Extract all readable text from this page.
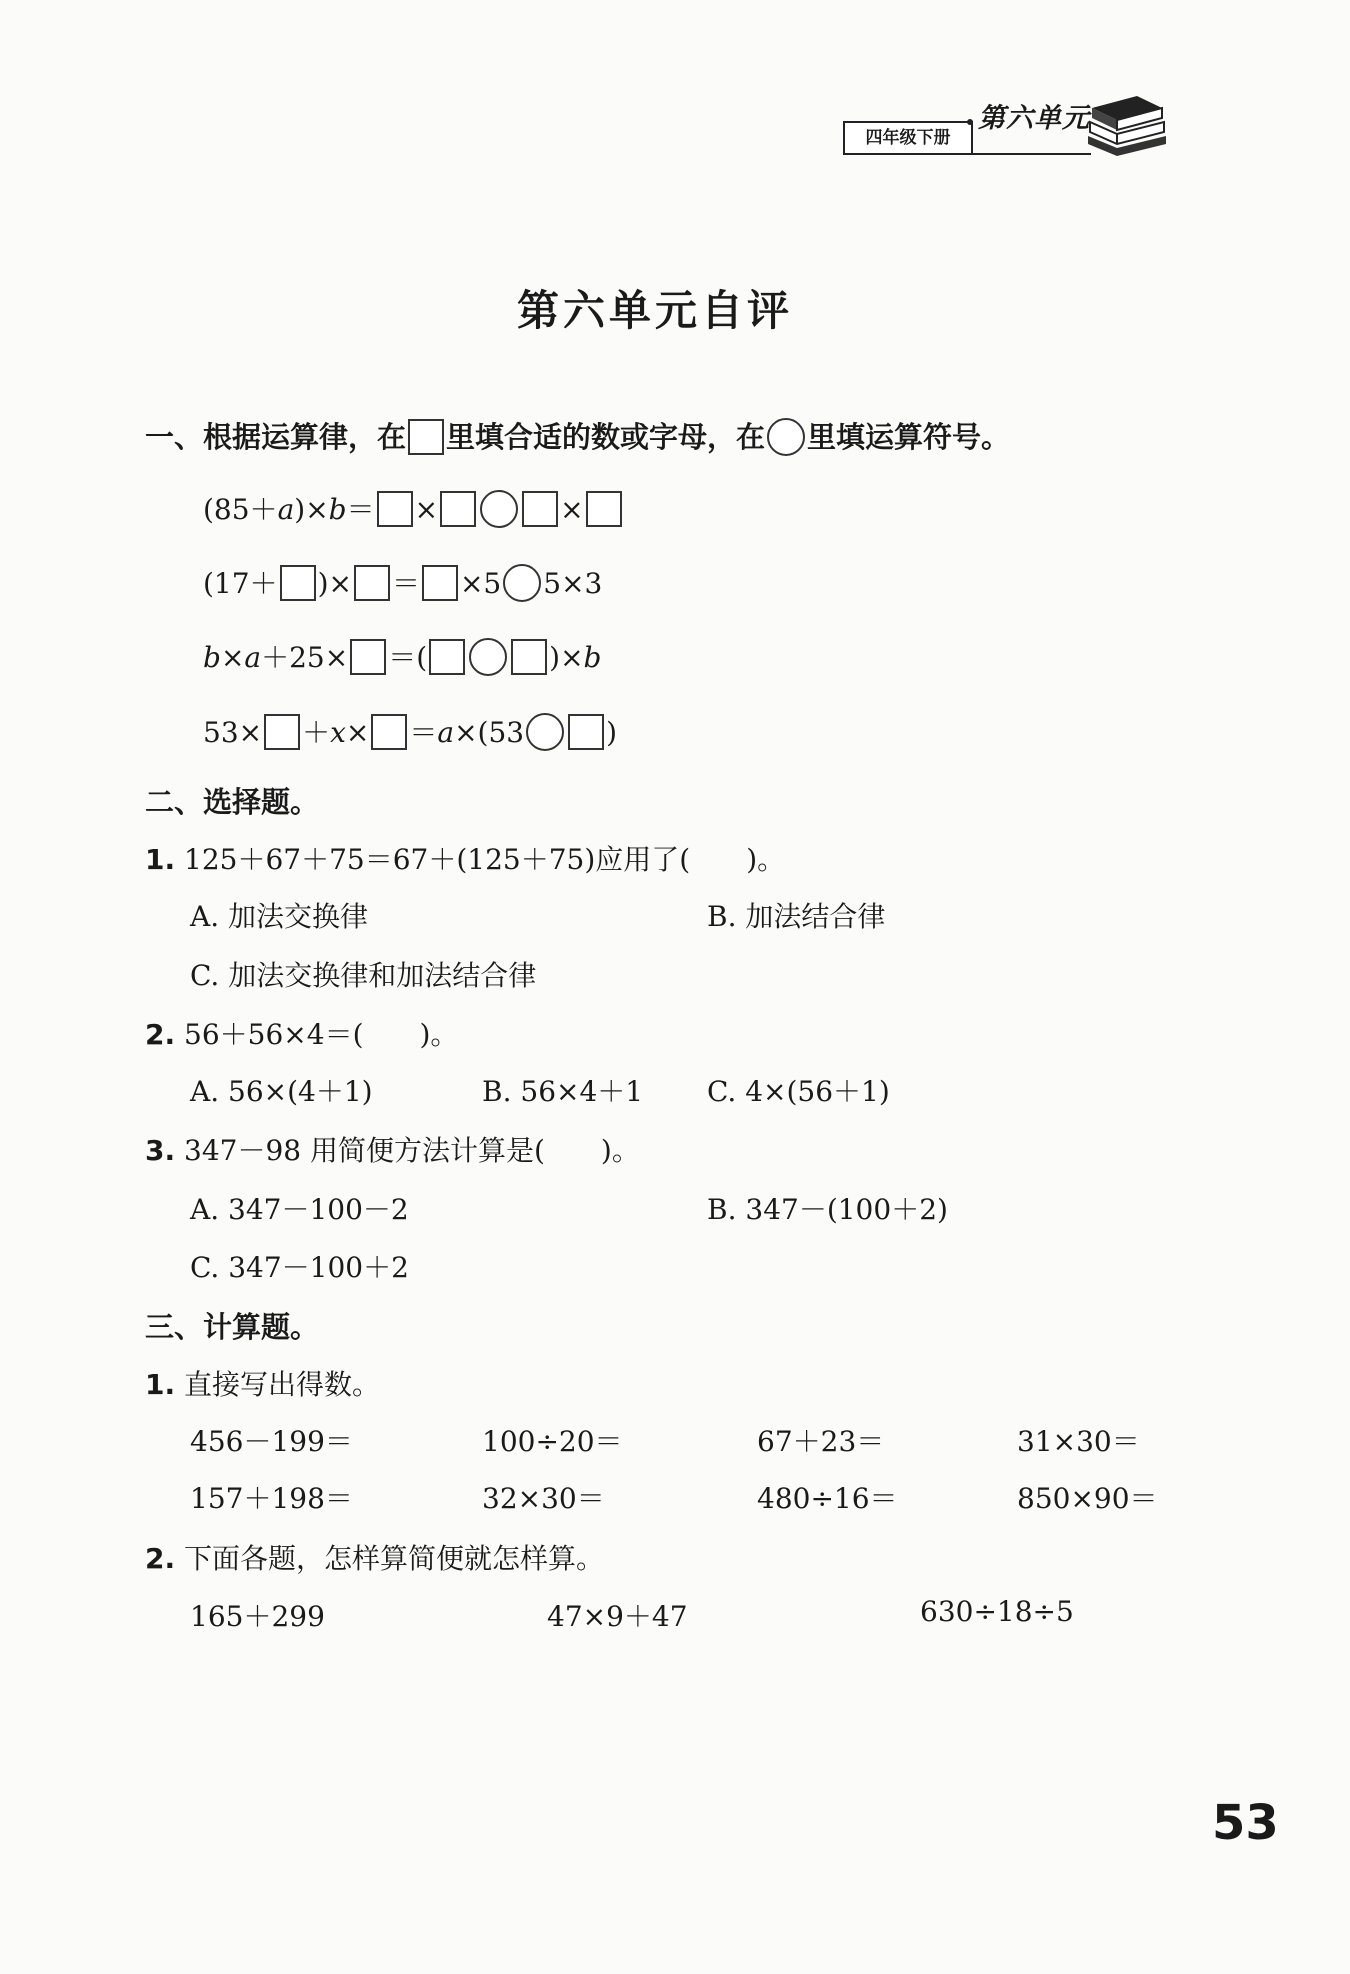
四年级下册
第六单元
第六单元自评
一、根据运算律，在 里填合适的数或字母，在 里填运算符号。
(85＋a)×b＝ ×	×
(17＋ )× ＝ ×5 5×3
b×a＋25× ＝(	)×b
53× ＋x× ＝a×(53	)
二、选择题。
1. 125＋67＋75＝67＋(125＋75)应用了(　　)。
A. 加法交换律	B. 加法结合律
C. 加法交换律和加法结合律
2. 56＋56×4＝(　　)。
A. 56×(4＋1)	B. 56×4＋1 C. 4×(56＋1)
3. 347－98 用简便方法计算是(　　)。
A. 347－100－2	B. 347－(100＋2)
C. 347－100＋2
三、计算题。
1. 直接写出得数。
456－199＝	100÷20＝	67＋23＝	31×30＝
157＋198＝	32×30＝	480÷16＝	850×90＝
2. 下面各题，怎样算简便就怎样算。
165＋299	47×9＋47	630÷18÷5
53
